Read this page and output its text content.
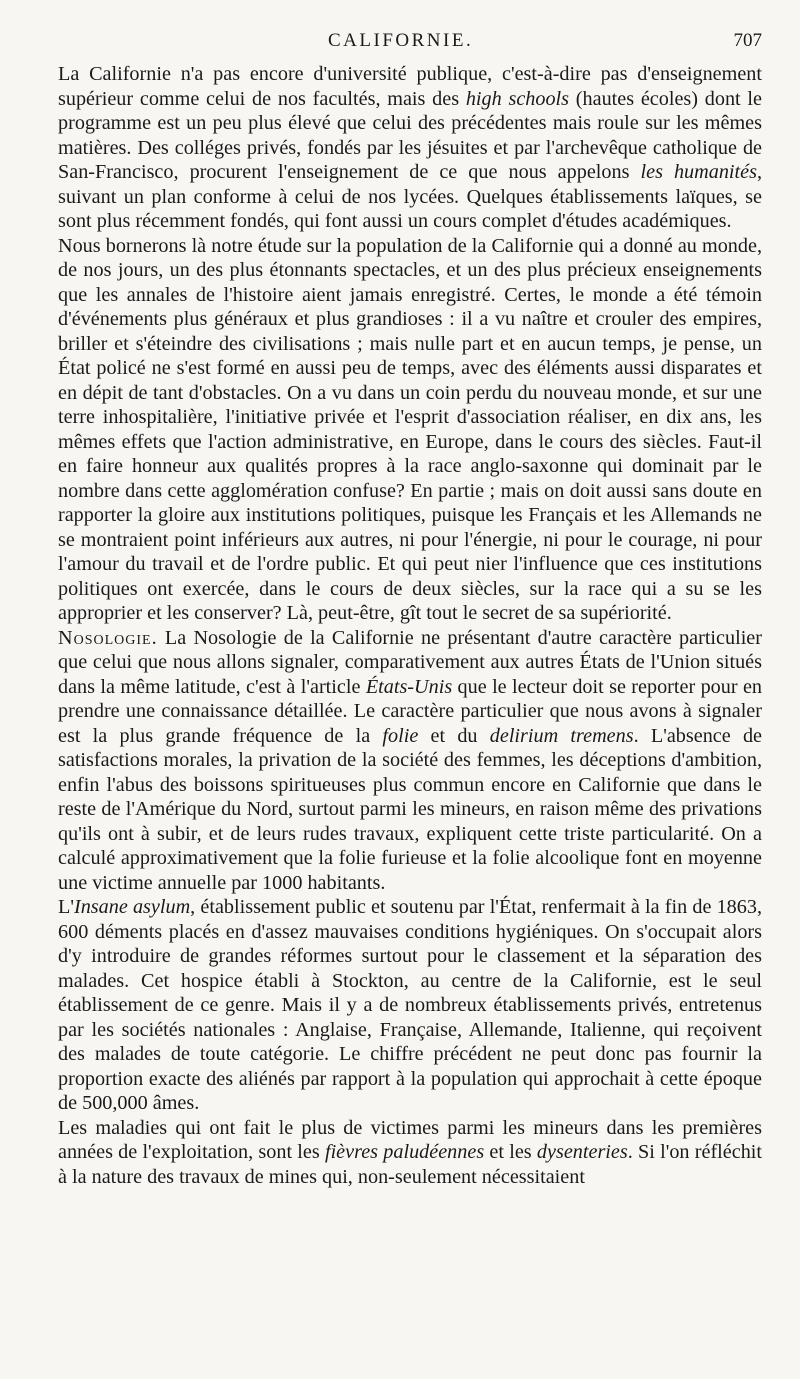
CALIFORNIE.	707

La Californie n'a pas encore d'université publique, c'est-à-dire pas d'enseignement supérieur comme celui de nos facultés, mais des high schools (hautes écoles) dont le programme est un peu plus élevé que celui des précédentes mais roule sur les mêmes matières. Des colléges privés, fondés par les jésuites et par l'archevêque catholique de San-Francisco, procurent l'enseignement de ce que nous appelons les humanités, suivant un plan conforme à celui de nos lycées. Quelques établissements laïques, se sont plus récemment fondés, qui font aussi un cours complet d'études académiques.

Nous bornerons là notre étude sur la population de la Californie qui a donné au monde, de nos jours, un des plus étonnants spectacles, et un des plus précieux enseignements que les annales de l'histoire aient jamais enregistré. Certes, le monde a été témoin d'événements plus généraux et plus grandioses : il a vu naître et crouler des empires, briller et s'éteindre des civilisations ; mais nulle part et en aucun temps, je pense, un État policé ne s'est formé en aussi peu de temps, avec des éléments aussi disparates et en dépit de tant d'obstacles. On a vu dans un coin perdu du nouveau monde, et sur une terre inhospitalière, l'initiative privée et l'esprit d'association réaliser, en dix ans, les mêmes effets que l'action administrative, en Europe, dans le cours des siècles. Faut-il en faire honneur aux qualités propres à la race anglo-saxonne qui dominait par le nombre dans cette agglomération confuse? En partie ; mais on doit aussi sans doute en rapporter la gloire aux institutions politiques, puisque les Français et les Allemands ne se montraient point inférieurs aux autres, ni pour l'énergie, ni pour le courage, ni pour l'amour du travail et de l'ordre public. Et qui peut nier l'influence que ces institutions politiques ont exercée, dans le cours de deux siècles, sur la race qui a su se les approprier et les conserver? Là, peut-être, gît tout le secret de sa supériorité.

Nosologie. La Nosologie de la Californie ne présentant d'autre caractère particulier que celui que nous allons signaler, comparativement aux autres États de l'Union situés dans la même latitude, c'est à l'article États-Unis que le lecteur doit se reporter pour en prendre une connaissance détaillée. Le caractère particulier que nous avons à signaler est la plus grande fréquence de la folie et du delirium tremens. L'absence de satisfactions morales, la privation de la société des femmes, les déceptions d'ambition, enfin l'abus des boissons spiritueuses plus commun encore en Californie que dans le reste de l'Amérique du Nord, surtout parmi les mineurs, en raison même des privations qu'ils ont à subir, et de leurs rudes travaux, expliquent cette triste particularité. On a calculé approximativement que la folie furieuse et la folie alcoolique font en moyenne une victime annuelle par 1000 habitants.

L'Insane asylum, établissement public et soutenu par l'État, renfermait à la fin de 1863, 600 déments placés en d'assez mauvaises conditions hygiéniques. On s'occupait alors d'y introduire de grandes réformes surtout pour le classement et la séparation des malades. Cet hospice établi à Stockton, au centre de la Californie, est le seul établissement de ce genre. Mais il y a de nombreux établissements privés, entretenus par les sociétés nationales : Anglaise, Française, Allemande, Italienne, qui reçoivent des malades de toute catégorie. Le chiffre précédent ne peut donc pas fournir la proportion exacte des aliénés par rapport à la population qui approchait à cette époque de 500,000 âmes.

Les maladies qui ont fait le plus de victimes parmi les mineurs dans les premières années de l'exploitation, sont les fièvres paludéennes et les dysenteries. Si l'on réfléchit à la nature des travaux de mines qui, non-seulement nécessitaient
